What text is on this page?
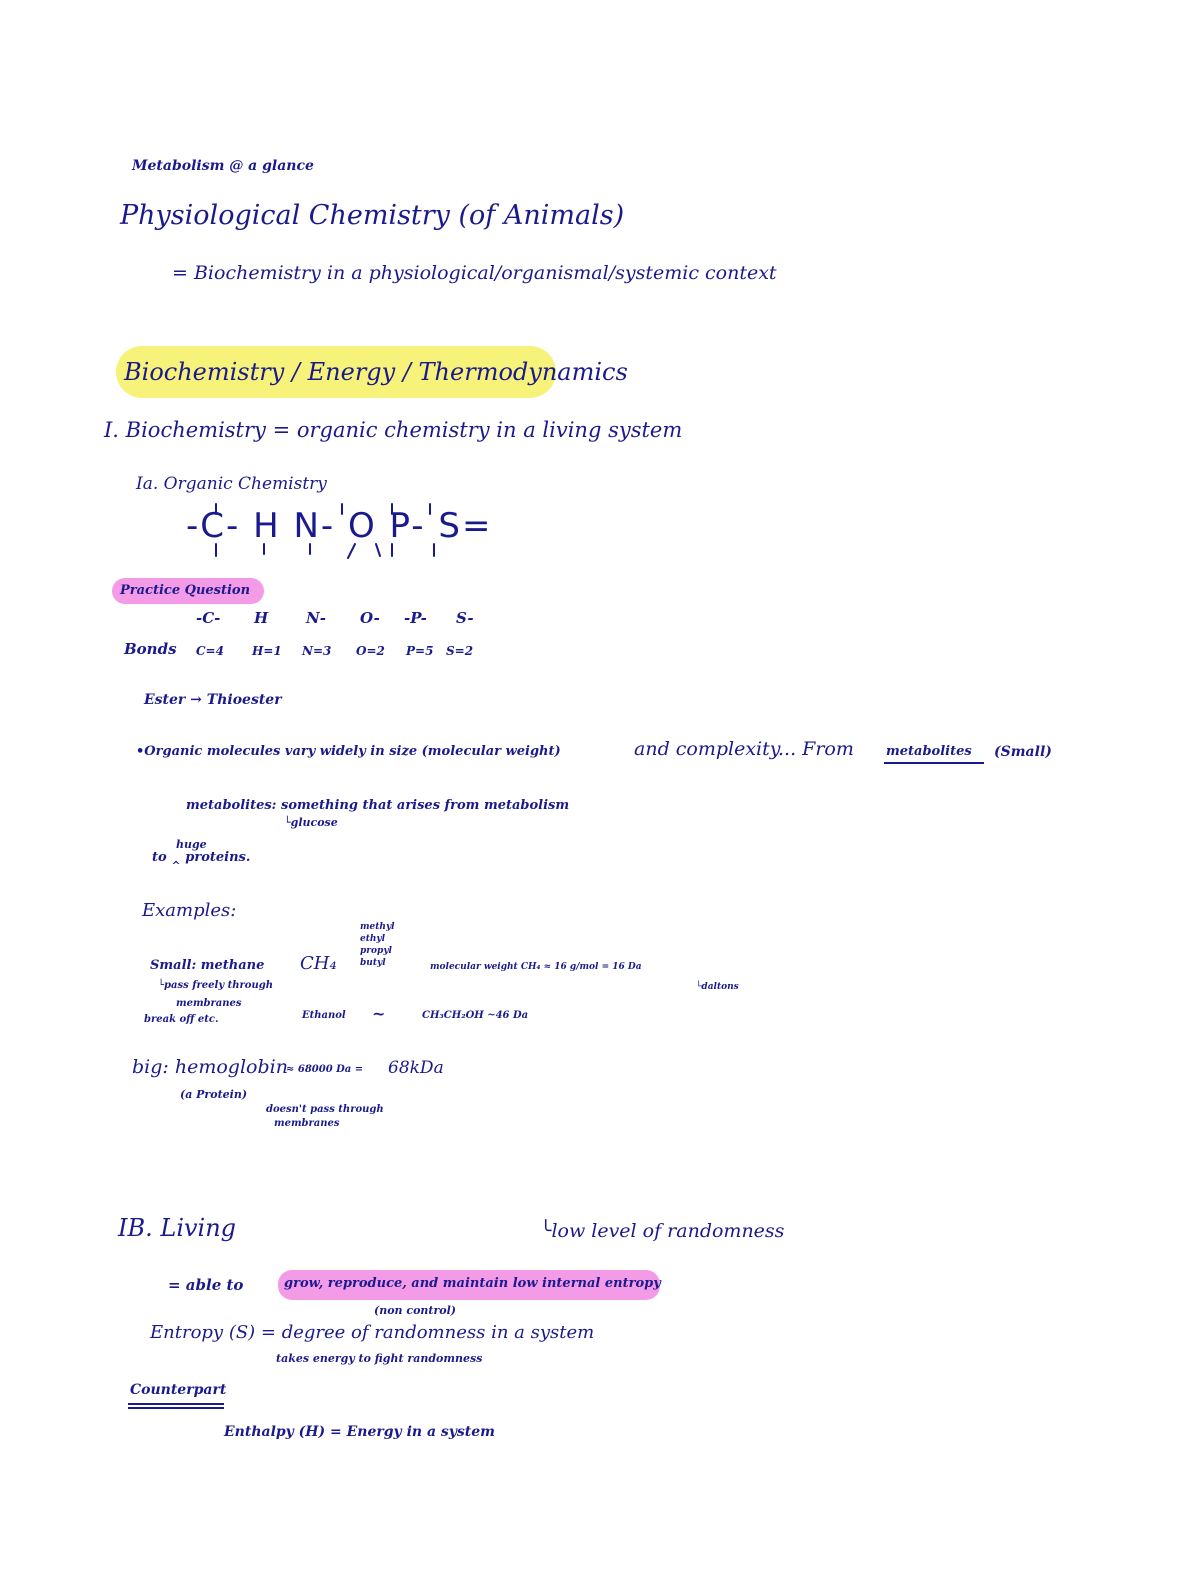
Metabolism @ a glance
Physiological Chemistry (of Animals)
= Biochemistry in a physiological/organismal/systemic context
Biochemistry / Energy / Thermodynamics
I. Biochemistry = organic chemistry in a living system
Ia. Organic Chemistry
-C- H N- O P- S=
Practice Question
-C- H	N- O- -P- S-
Bonds C=4 H=1 N=3 O=2 P=5 S=2
Ester → Thioester
•Organic molecules vary widely in size (molecular weight)	and complexity... From metabolites (Small)
metabolites: something that arises from metabolism
└glucose
huge
to ‸ proteins.
Examples:
methyl
ethyl
propyl
butyl
Small: methane CH₄	molecular weight CH₄ ≈ 16 g/mol = 16 Da
└daltons
└pass freely through
membranes
break off etc.	Ethanol ~	CH₃CH₂OH ~46 Da
big: hemoglobin
≈ 68000 Da = 68kDa
(a Protein)
doesn't pass through
membranes
IB. Living	╰low level of randomness
= able to	grow, reproduce, and maintain low internal entropy
(non control)
Entropy (S) = degree of randomness in a system
takes energy to fight randomness
Counterpart
Enthalpy (H) = Energy in a system
